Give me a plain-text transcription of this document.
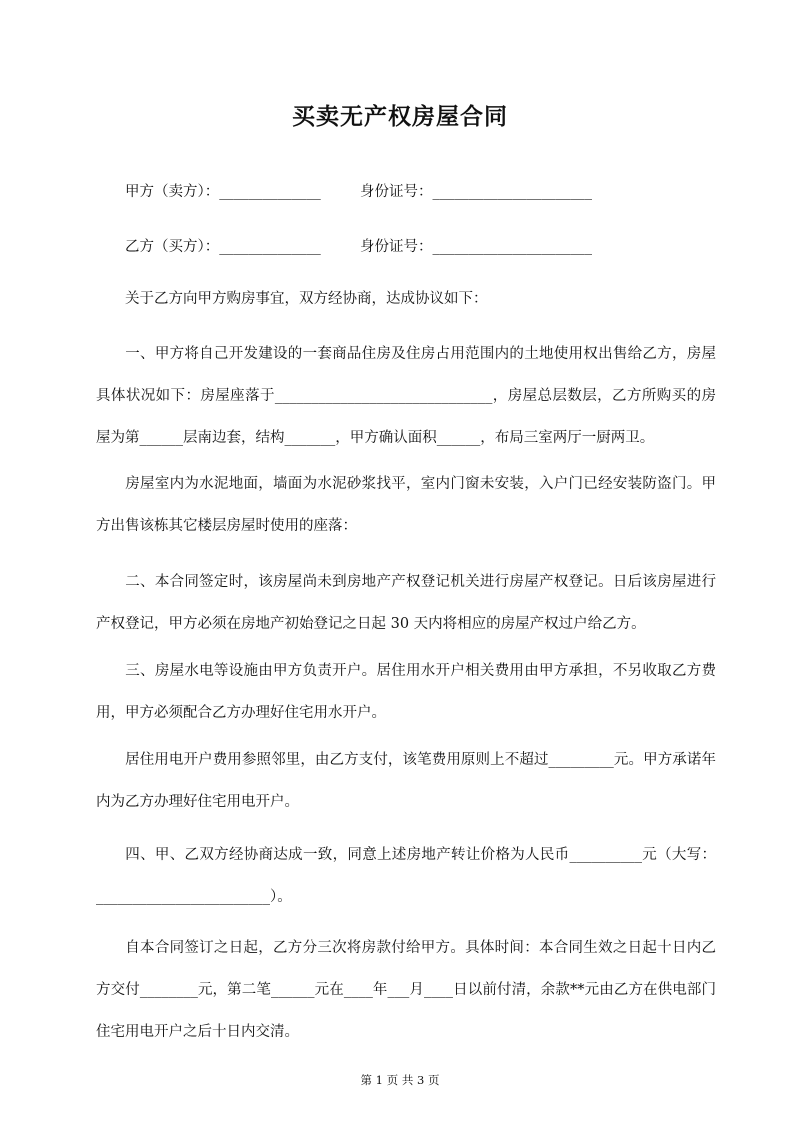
买卖无产权房屋合同
甲方（卖方）：______________	身份证号：______________________
乙方（买方）：______________	身份证号：______________________
关于乙方向甲方购房事宜，双方经协商，达成协议如下：
一、甲方将自己开发建设的一套商品住房及住房占用范围内的土地使用权出售给乙方，房屋具体状况如下：房屋座落于______________________________，房屋总层数层，乙方所购买的房屋为第______层南边套，结构_______，甲方确认面积______，布局三室两厅一厨两卫。
房屋室内为水泥地面，墙面为水泥砂浆找平，室内门窗未安装，入户门已经安装防盗门。甲方出售该栋其它楼层房屋时使用的座落：
二、本合同签定时，该房屋尚未到房地产产权登记机关进行房屋产权登记。日后该房屋进行产权登记，甲方必须在房地产初始登记之日起 30 天内将相应的房屋产权过户给乙方。
三、房屋水电等设施由甲方负责开户。居住用水开户相关费用由甲方承担，不另收取乙方费用，甲方必须配合乙方办理好住宅用水开户。
居住用电开户费用参照邻里，由乙方支付，该笔费用原则上不超过_________元。甲方承诺年内为乙方办理好住宅用电开户。
四、甲、乙双方经协商达成一致，同意上述房地产转让价格为人民币__________元（大写：________________________）。
自本合同签订之日起，乙方分三次将房款付给甲方。具体时间：本合同生效之日起十日内乙方交付________元，第二笔______元在____年___月____日以前付清，余款**元由乙方在供电部门住宅用电开户之后十日内交清。
第 1 页 共 3 页
